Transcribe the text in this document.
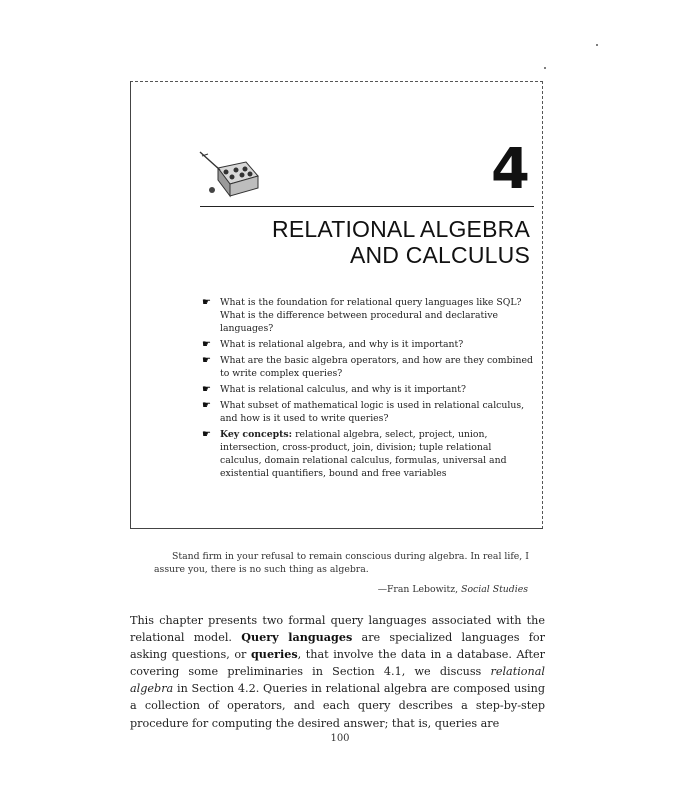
4
RELATIONAL ALGEBRA
AND CALCULUS
☛ What is the foundation for relational query languages like SQL? What is the difference between procedural and declarative languages?
☛ What is relational algebra, and why is it important?
☛ What are the basic algebra operators, and how are they combined to write complex queries?
☛ What is relational calculus, and why is it important?
☛ What subset of mathematical logic is used in relational calculus, and how is it used to write queries?
☛ Key concepts: relational algebra, select, project, union, intersection, cross-product, join, division; tuple relational calculus, domain relational calculus, formulas, universal and existential quantifiers, bound and free variables

Stand firm in your refusal to remain conscious during algebra. In real life, I assure you, there is no such thing as algebra.

—Fran Lebowitz, Social Studies

This chapter presents two formal query languages associated with the relational model. Query languages are specialized languages for asking questions, or queries, that involve the data in a database. After covering some preliminaries in Section 4.1, we discuss relational algebra in Section 4.2. Queries in relational algebra are composed using a collection of operators, and each query describes a step-by-step procedure for computing the desired answer; that is, queries are

100
